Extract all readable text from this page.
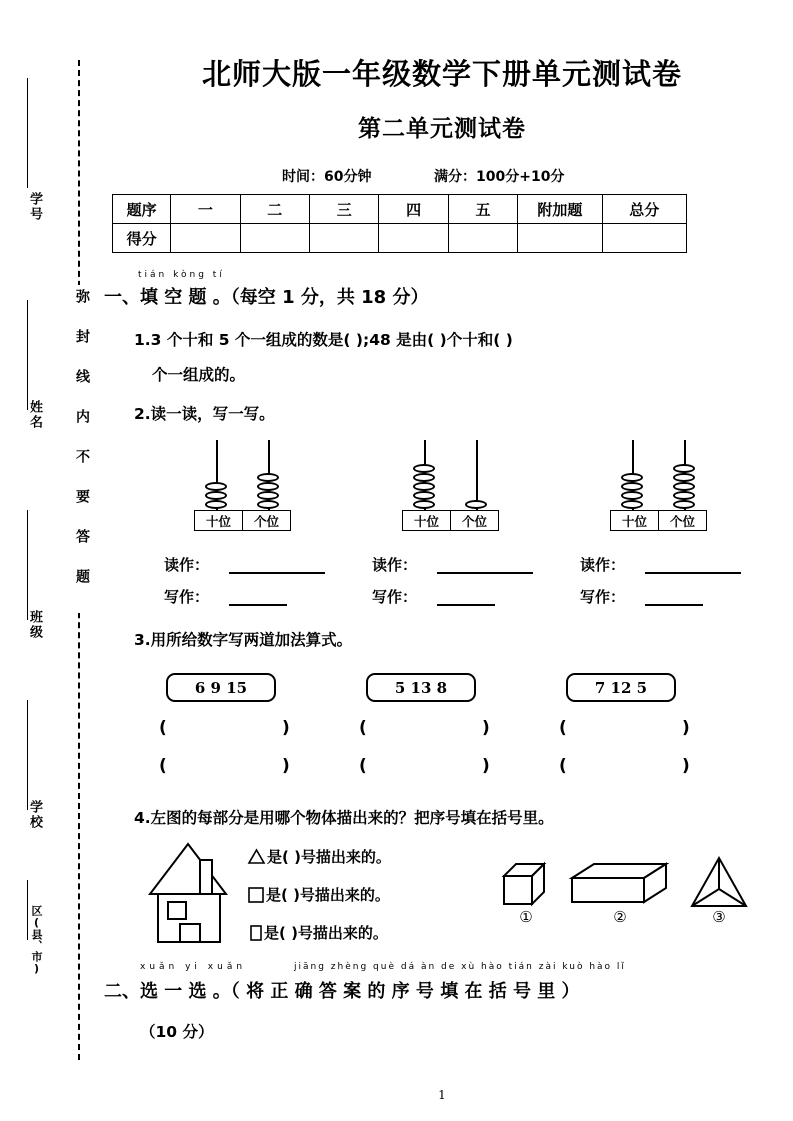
学号
姓名
班级
学校
区(县、市)
弥封线内不要答题
北师大版一年级数学下册单元测试卷
第二单元测试卷
时间：60分钟	满分：100分+10分
题序	一	二	三	四	五	附加题	总分
得分							
tián kòng tí
一、填 空 题 。（每空 1 分，共 18 分）
1.3 个十和 5 个一组成的数是( );48 是由( )个十和( )
个一组成的。
2.读一读，写一写。
十位	个位
读作：
写作：
十位	个位
读作：
写作：
十位	个位
读作：
写作：
3.用所给数字写两道加法算式。
6 9 15
(	)
(	)
5 13 8
(	)
(	)
7 12 5
(	)
(	)
4.左图的每部分是用哪个物体描出来的？把序号填在括号里。
是( )号描出来的。
是( )号描出来的。
是( )号描出来的。
①	②	③
xuǎn yi xuǎn	jiāng zhèng què dá àn de xù hào tián zài kuò hào lǐ
二、选 一 选 。（ 将 正 确 答 案 的 序 号 填 在 括 号 里 ）
（10 分）
1
